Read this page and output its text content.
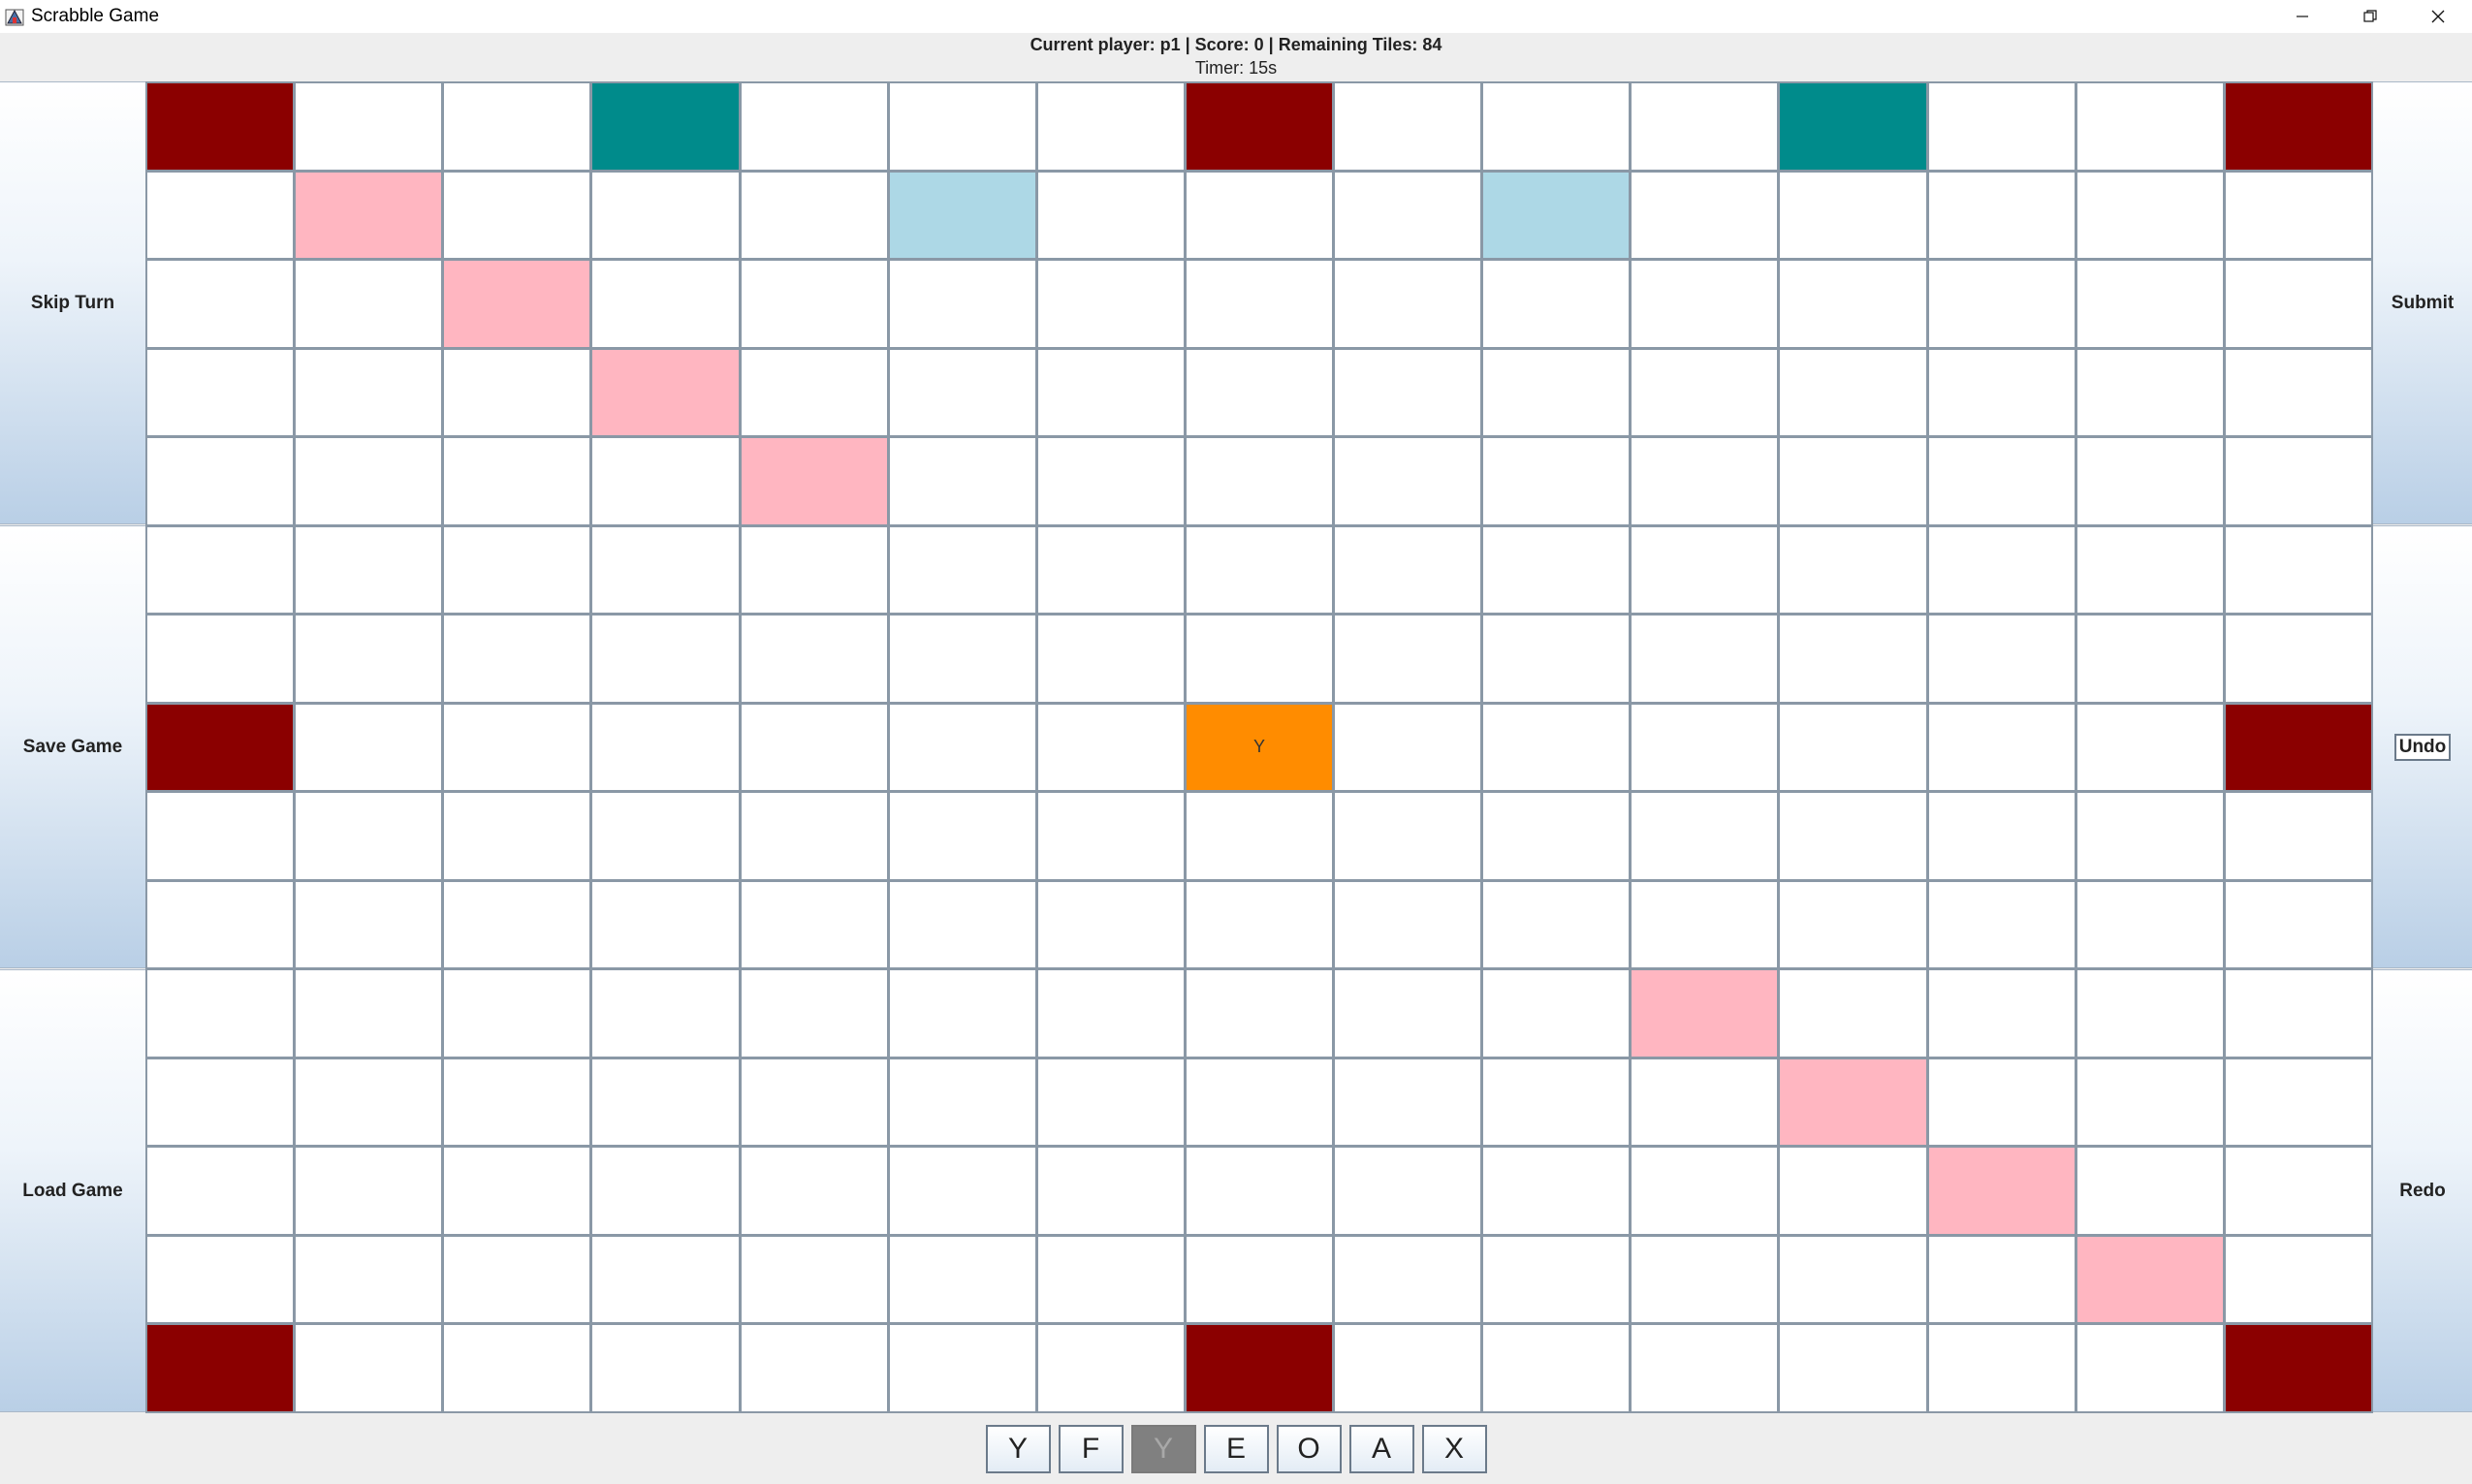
Scrabble Game
Current player: p1 | Score: 0 | Remaining Tiles: 84
Timer: 15s
Skip Turn
Save Game
Load Game
Y
Submit
Undo
Redo
Y	F	Y	E	O	A	X
